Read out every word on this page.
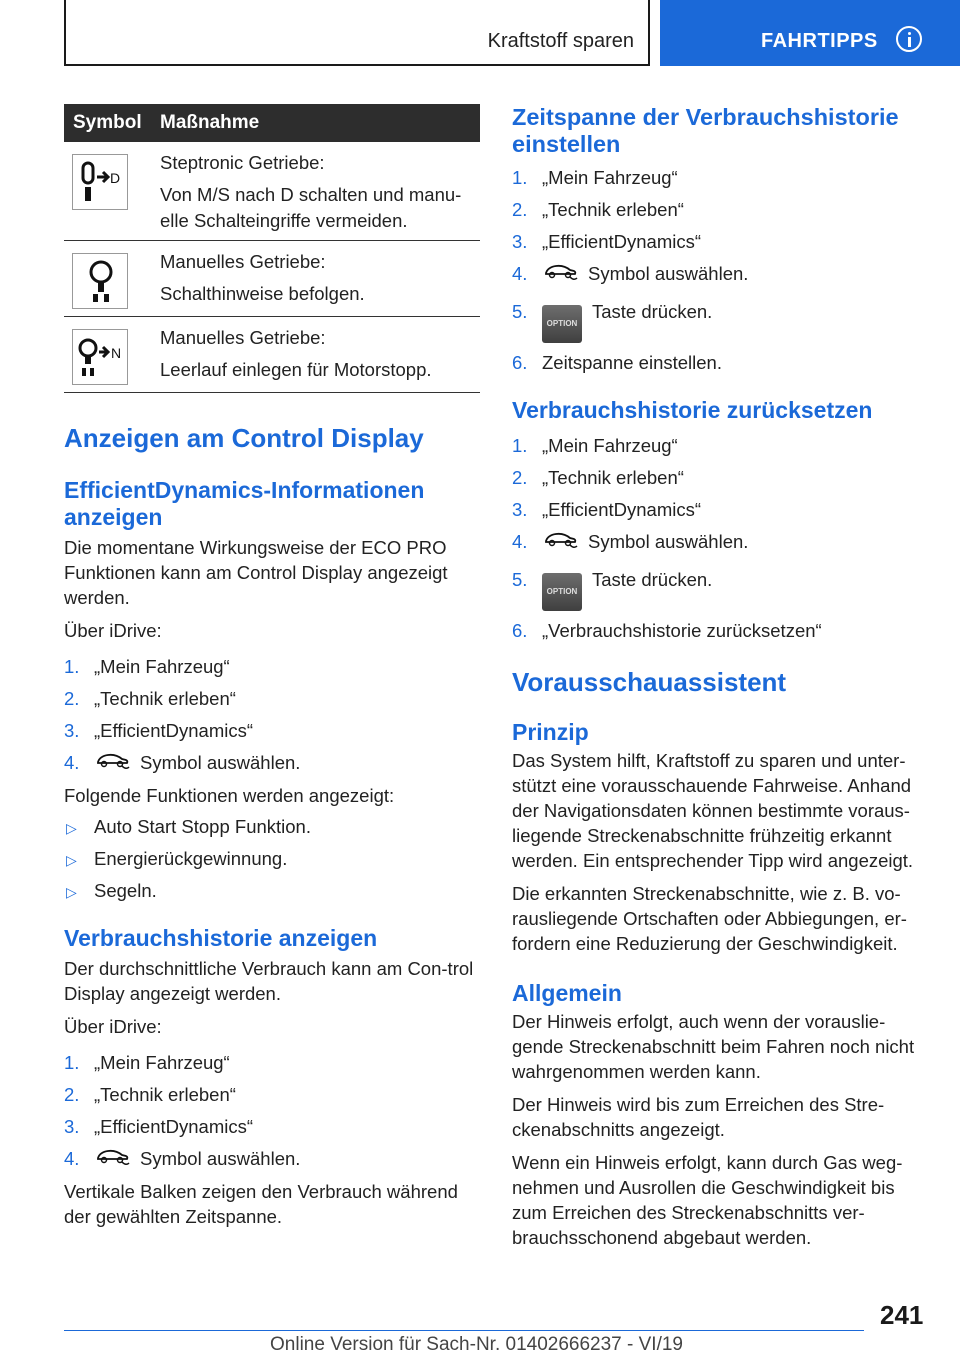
Kraftstoff sparen	FAHRTIPPS
Symbol	Maßnahme

D	Steptronic Getriebe:
Von M/S nach D schalten und manu-elle Schalteingriffe vermeiden.

Manuelles Getriebe:
Schalthinweise befolgen.

N	Manuelles Getriebe:
Leerlauf einlegen für Motorstopp.
Anzeigen am Control Display
EfficientDynamics-Informationen anzeigen

Die momentane Wirkungsweise der ECO PRO Funktionen kann am Control Display angezeigt werden.

Über iDrive:

1. „Mein Fahrzeug“
2. „Technik erleben“
3. „EfficientDynamics“
4.	Symbol auswählen.

Folgende Funktionen werden angezeigt:

▷ Auto Start Stopp Funktion.
▷ Energierückgewinnung.
▷ Segeln.
Verbrauchshistorie anzeigen

Der durchschnittliche Verbrauch kann am Con-trol Display angezeigt werden.

Über iDrive:

1. „Mein Fahrzeug“
2. „Technik erleben“
3. „EfficientDynamics“
4.	Symbol auswählen.

Vertikale Balken zeigen den Verbrauch während der gewählten Zeitspanne.

Zeitspanne der Verbrauchshistorie einstellen
1. „Mein Fahrzeug“
2. „Technik erleben“
3. „EfficientDynamics“
4.	Symbol auswählen.
5.
OPTIONTaste drücken.
6. Zeitspanne einstellen.
Verbrauchshistorie zurücksetzen
1. „Mein Fahrzeug“
2. „Technik erleben“
3. „EfficientDynamics“
4.	Symbol auswählen.
5.
OPTIONTaste drücken.
6. „Verbrauchshistorie zurücksetzen“
Vorausschauassistent
Prinzip

Das System hilft, Kraftstoff zu sparen und unter-stützt eine vorausschauende Fahrweise. Anhand der Navigationsdaten können bestimmte voraus-liegende Streckenabschnitte frühzeitig erkannt werden. Ein entsprechender Tipp wird angezeigt.

Die erkannten Streckenabschnitte, wie z. B. vo-rausliegende Ortschaften oder Abbiegungen, er-fordern eine Reduzierung der Geschwindigkeit.

Allgemein

Der Hinweis erfolgt, auch wenn der vorauslie-gende Streckenabschnitt beim Fahren noch nicht wahrgenommen werden kann.

Der Hinweis wird bis zum Erreichen des Stre-ckenabschnitts angezeigt.

Wenn ein Hinweis erfolgt, kann durch Gas weg-nehmen und Ausrollen die Geschwindigkeit bis zum Erreichen des Streckenabschnitts ver-brauchsschonend abgebaut werden.

241
Online Version für Sach-Nr. 01402666237 - VI/19
